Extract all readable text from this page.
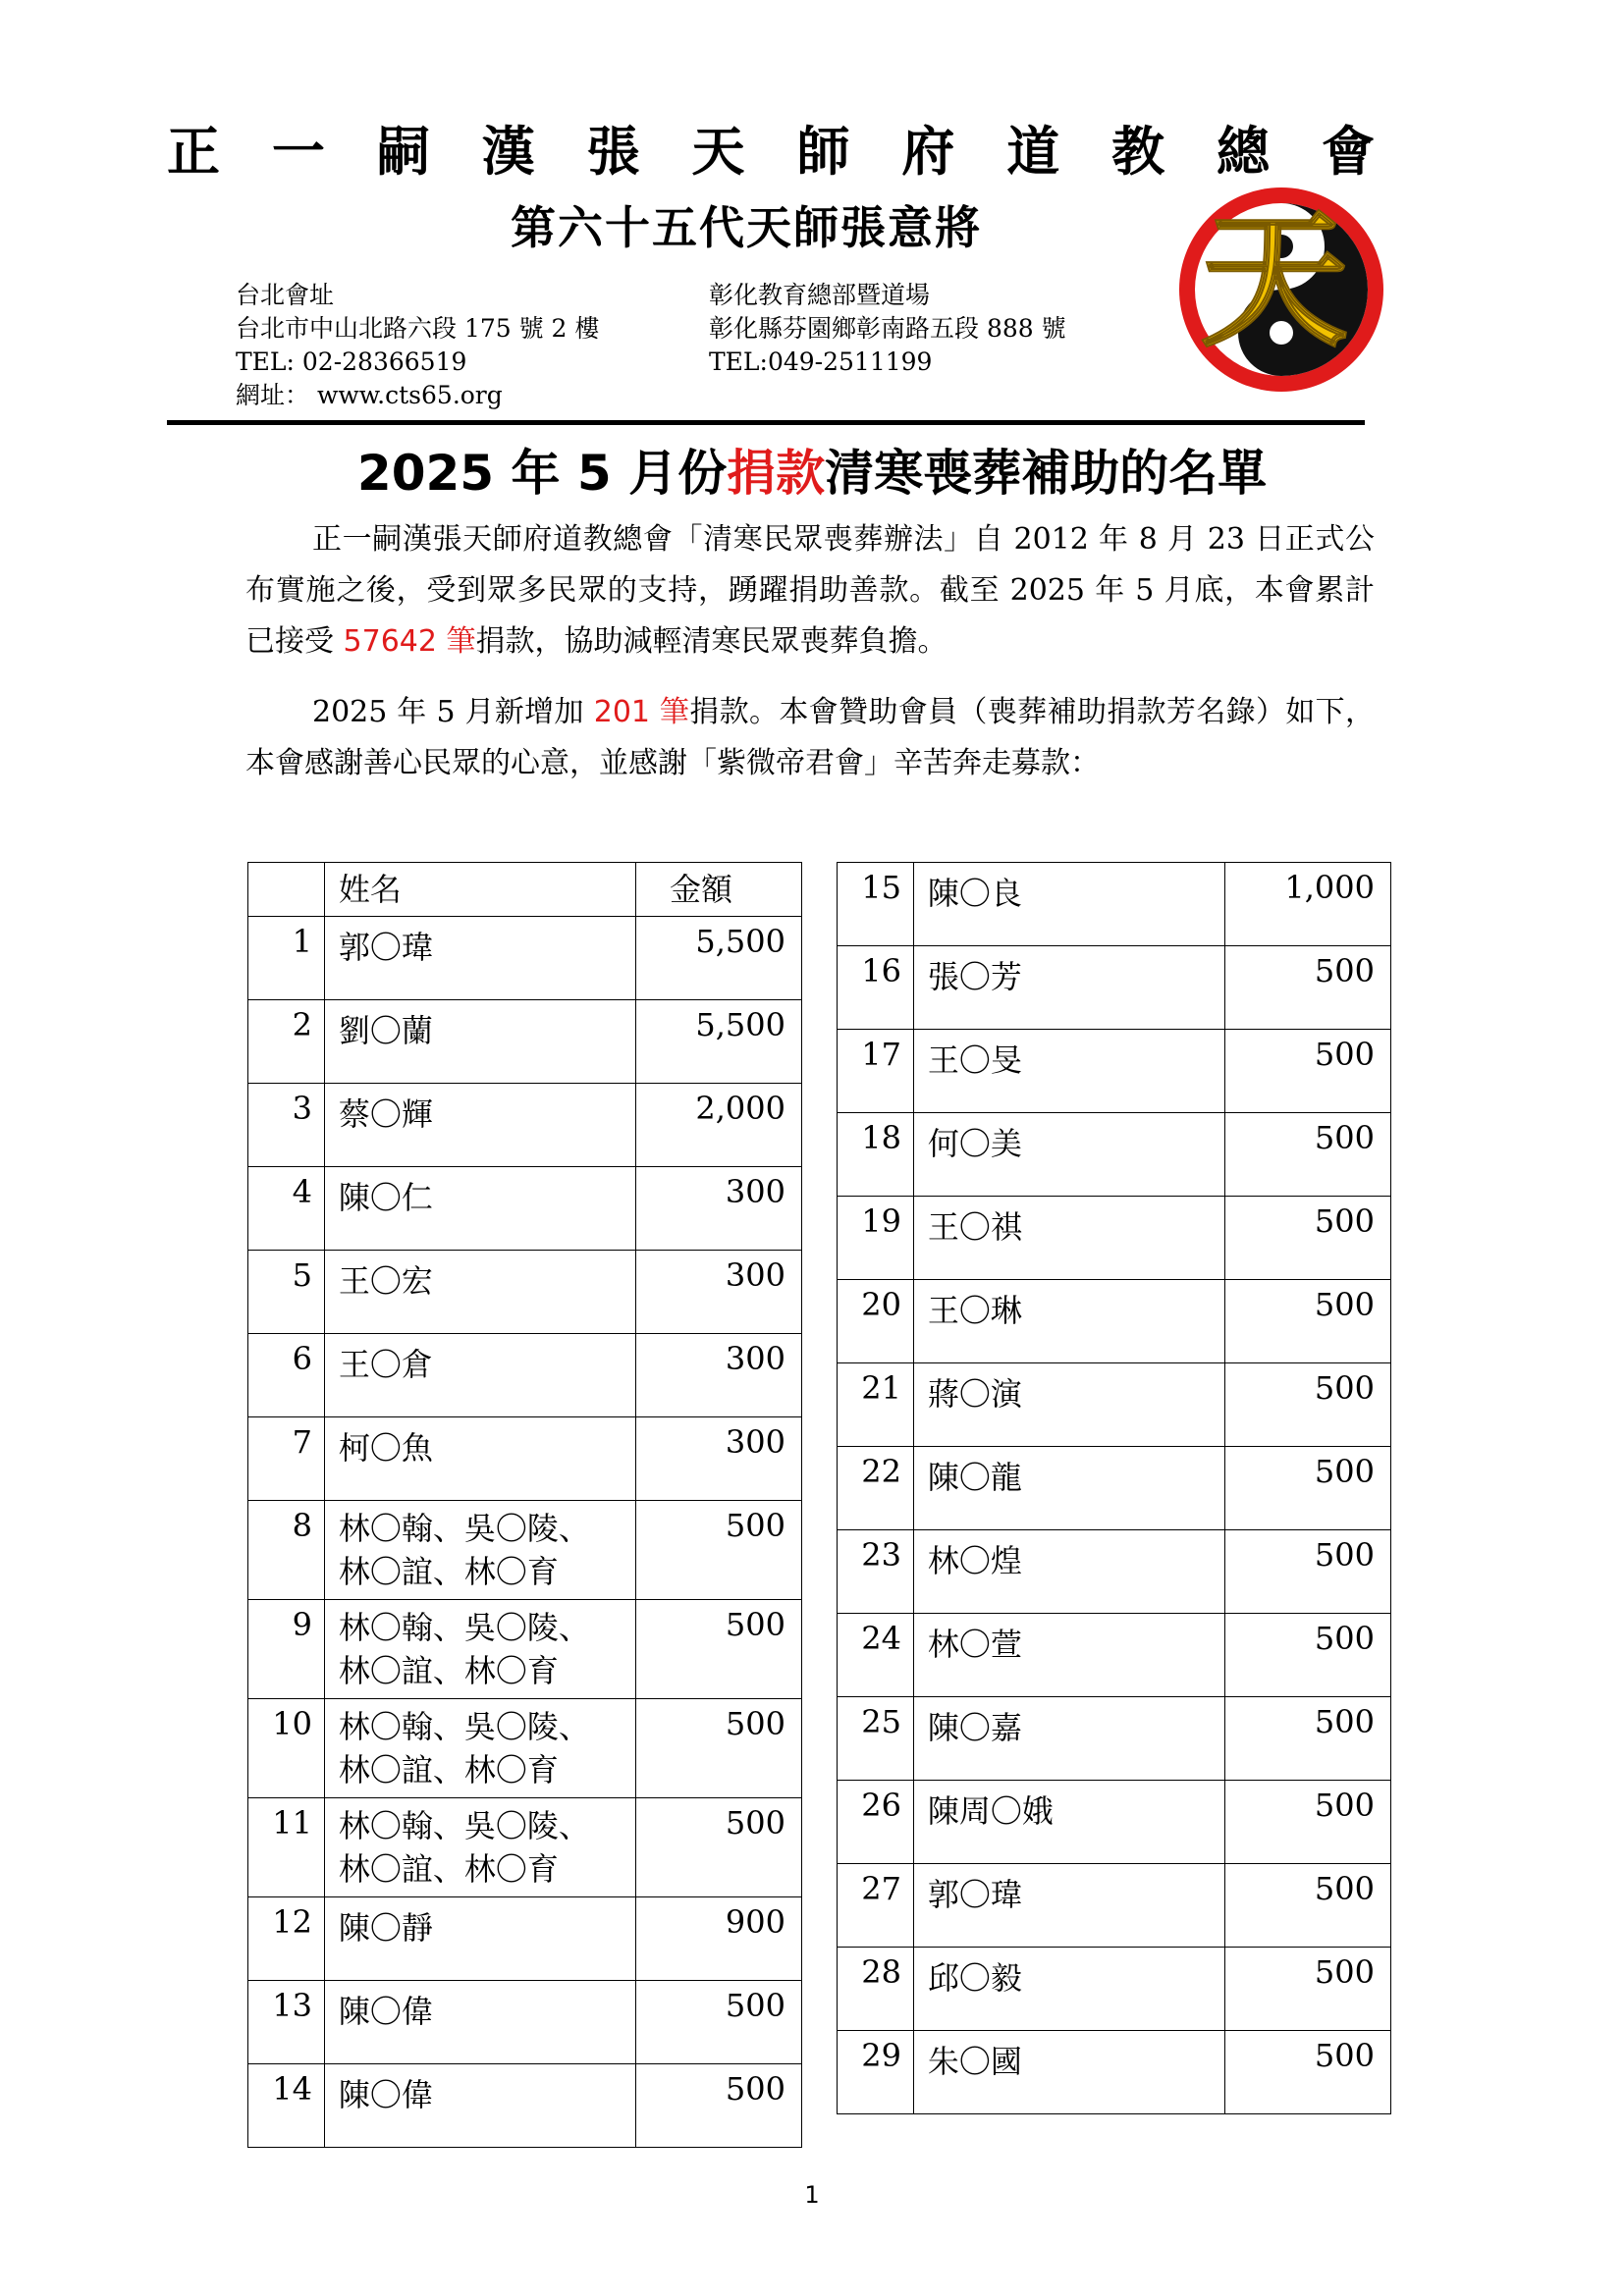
正 一 嗣 漢 張 天 師 府 道 教 總 會
第六十五代天師張意將 天
台北會址
台北市中山北路六段 175 號 2 樓
TEL: 02-28366519
網址： www.cts65.org
彰化教育總部暨道場
彰化縣芬園鄉彰南路五段 888 號
TEL:049-2511199
2025 年 5 月份捐款清寒喪葬補助的名單

正一嗣漢張天師府道教總會「清寒民眾喪葬辦法」自 2012 年 8 月 23 日正式公布實施之後，受到眾多民眾的支持，踴躍捐助善款。截至 2025 年 5 月底，本會累計已接受 57642 筆捐款，協助減輕清寒民眾喪葬負擔。

2025 年 5 月新增加 201 筆捐款。本會贊助會員（喪葬補助捐款芳名錄）如下，本會感謝善心民眾的心意，並感謝「紫微帝君會」辛苦奔走募款：

	姓名	金額

1	郭〇瑋	5,500

2	劉〇蘭	5,500

3	蔡〇輝	2,000

4	陳〇仁	300

5	王〇宏	300

6	王〇倉	300

7	柯〇魚	300

8	林〇翰、吳〇陵、
林〇誼、林〇育	500

9	林〇翰、吳〇陵、
林〇誼、林〇育	500

10	林〇翰、吳〇陵、
林〇誼、林〇育	500

11	林〇翰、吳〇陵、
林〇誼、林〇育	500

12	陳〇靜	900

13	陳〇偉	500

14	陳〇偉	500
15	陳〇良	1,000

16	張〇芳	500

17	王〇旻	500

18	何〇美	500

19	王〇祺	500

20	王〇琳	500

21	蔣〇演	500

22	陳〇龍	500

23	林〇煌	500

24	林〇萱	500

25	陳〇嘉	500

26	陳周〇娥	500

27	郭〇瑋	500

28	邱〇毅	500

29	朱〇國	500
1
